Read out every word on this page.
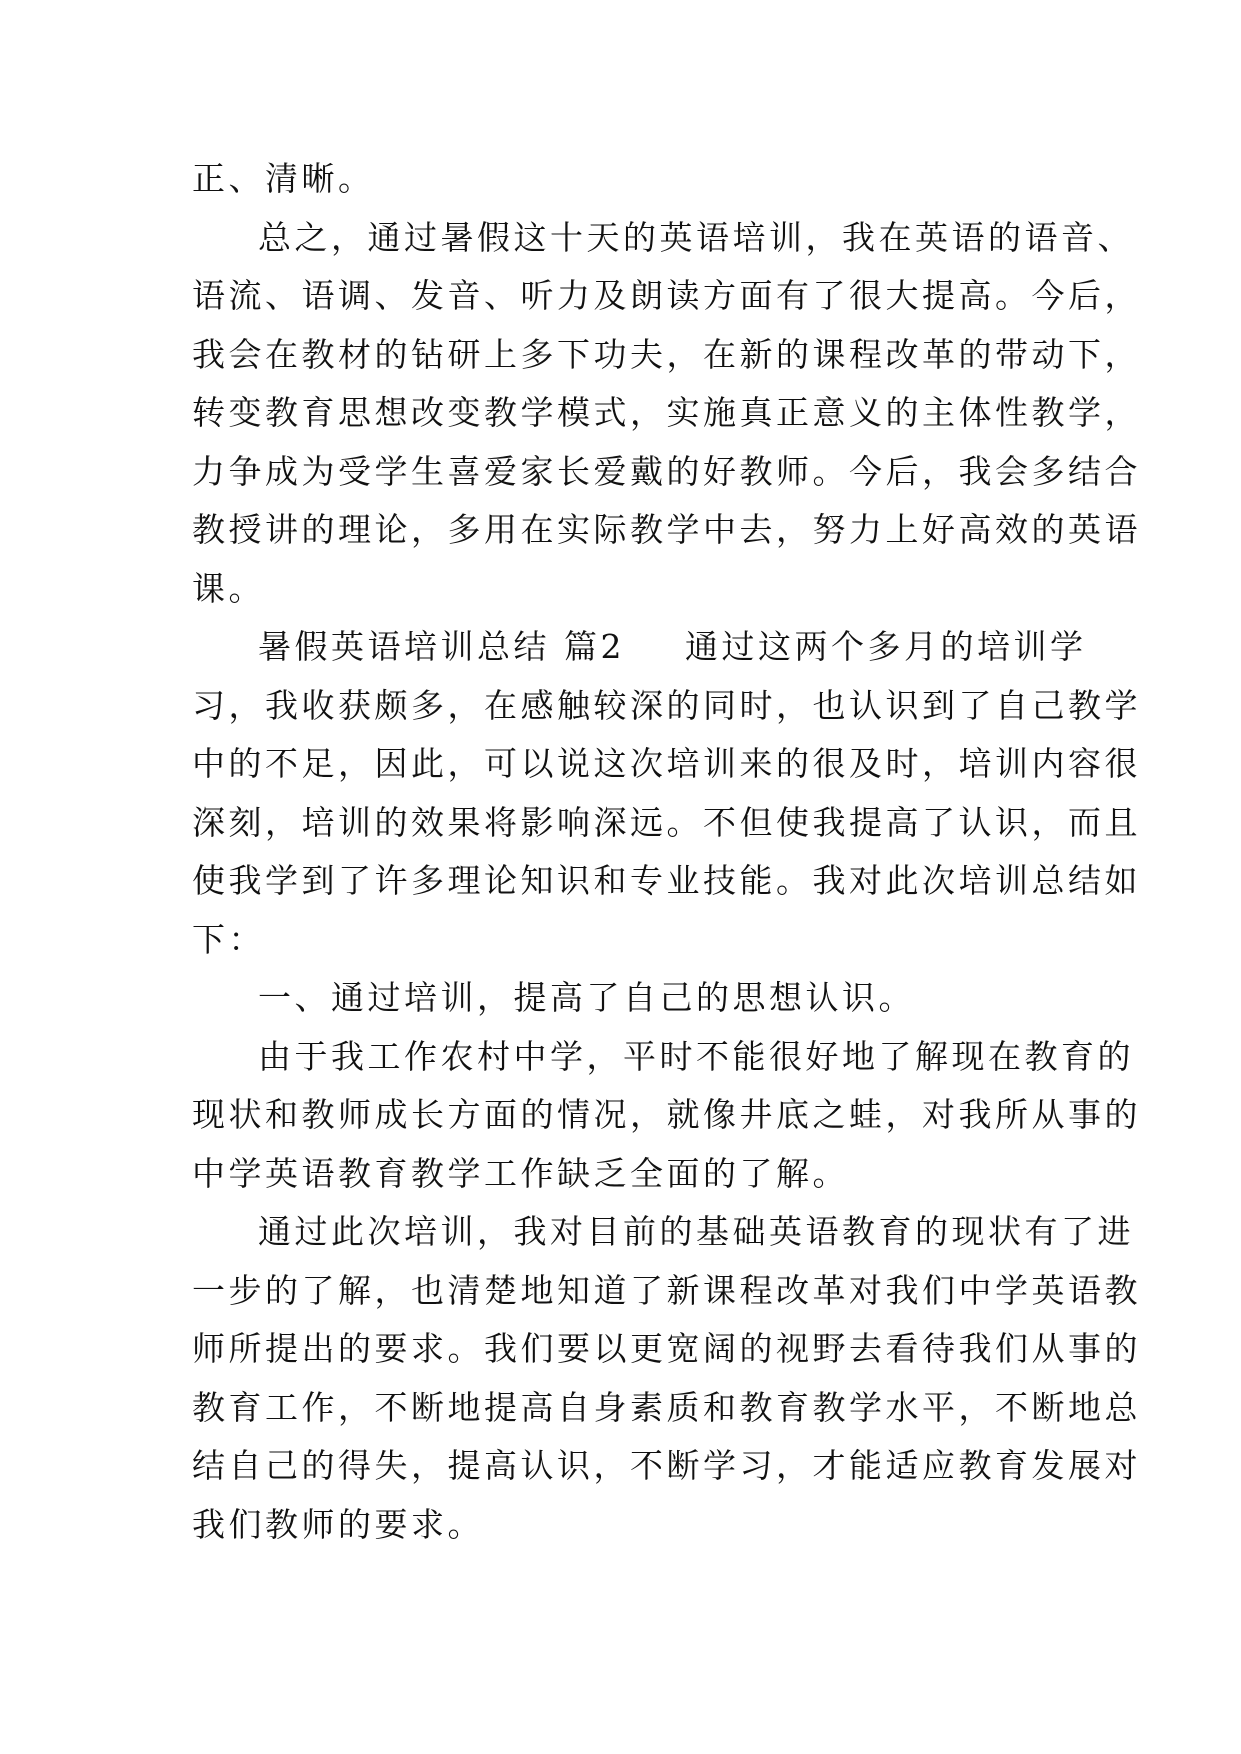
正、清晰。
总之，通过暑假这十天的英语培训，我在英语的语音、
语流、语调、发音、听力及朗读方面有了很大提高。今后，
我会在教材的钻研上多下功夫，在新的课程改革的带动下，
转变教育思想改变教学模式，实施真正意义的主体性教学，
力争成为受学生喜爱家长爱戴的好教师。今后，我会多结合
教授讲的理论，多用在实际教学中去，努力上好高效的英语
课。
暑假英语培训总结 篇2 通过这两个多月的培训学
习，我收获颇多，在感触较深的同时，也认识到了自己教学
中的不足，因此，可以说这次培训来的很及时，培训内容很
深刻，培训的效果将影响深远。不但使我提高了认识，而且
使我学到了许多理论知识和专业技能。我对此次培训总结如
下：
一、通过培训，提高了自己的思想认识。
由于我工作农村中学，平时不能很好地了解现在教育的
现状和教师成长方面的情况，就像井底之蛙，对我所从事的
中学英语教育教学工作缺乏全面的了解。
通过此次培训，我对目前的基础英语教育的现状有了进
一步的了解，也清楚地知道了新课程改革对我们中学英语教
师所提出的要求。我们要以更宽阔的视野去看待我们从事的
教育工作，不断地提高自身素质和教育教学水平，不断地总
结自己的得失，提高认识，不断学习，才能适应教育发展对
我们教师的要求。
